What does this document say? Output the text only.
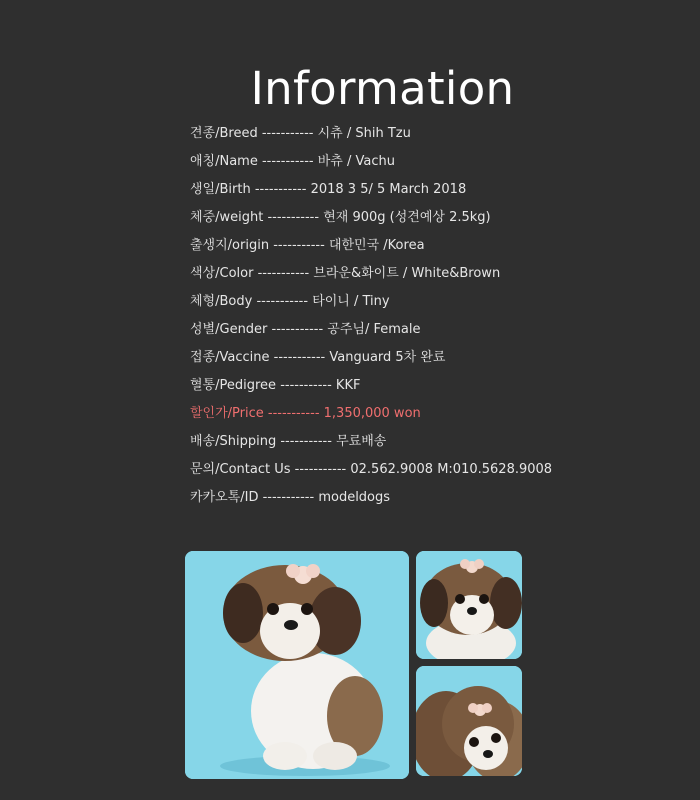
Information
견종/Breed ----------- 시츄 / Shih Tzu
애칭/Name ----------- 바츄 / Vachu
생일/Birth ----------- 2018 3 5/ 5 March 2018
체중/weight ----------- 현재 900g (성견예상 2.5kg)
출생지/origin ----------- 대한민국 /Korea
색상/Color ----------- 브라운&화이트 / White&Brown
체형/Body ----------- 타이니 / Tiny
성별/Gender ----------- 공주님/ Female
접종/Vaccine ----------- Vanguard 5차 완료
혈통/Pedigree ----------- KKF
할인가/Price ----------- 1,350,000 won
배송/Shipping ----------- 무료배송
문의/Contact Us ----------- 02.562.9008 M:010.5628.9008
카카오톡/ID ----------- modeldogs
